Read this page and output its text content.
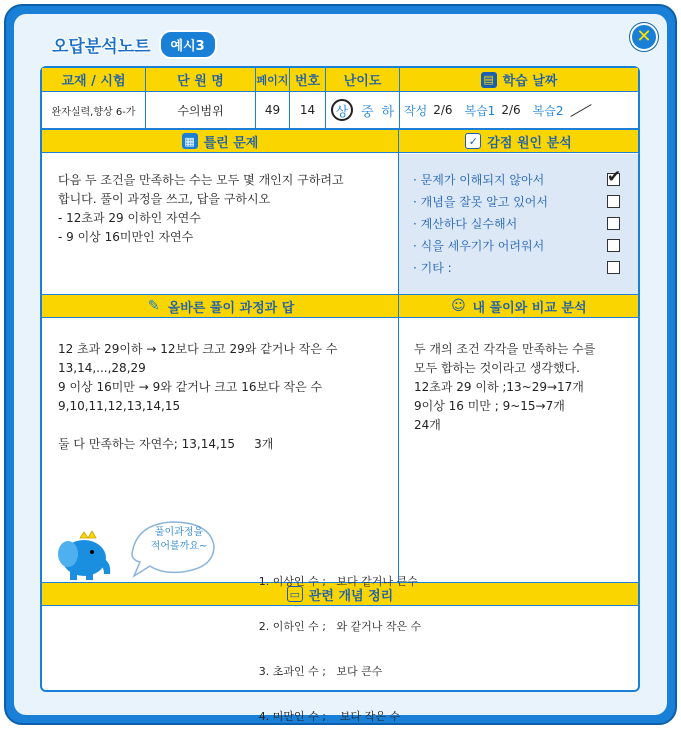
오답분석노트	예시3	✕
교재 / 시험	단 원 명	페이지 번호	난이도	▤ 학습 날짜
완자실력,향상 6-가	수의범위	49	14	상 중 하 작성 2/6 복습1 2/6 복습2
▦ 틀린 문제	✓ 감점 원인 분석
다음 두 조건을 만족하는 수는 모두 몇 개인지 구하려고
합니다. 풀이 과정을 쓰고, 답을 구하시오
- 12초과 29 이하인 자연수
- 9 이상 16미만인 자연수
· 문제가 이해되지 않아서
✔
· 개념을 잘못 알고 있어서
· 계산하다 실수해서
· 식을 세우기가 어려워서
· 기타 :
✎ 올바른 풀이 과정과 답	☺ 내 풀이와 비교 분석
12 초과 29이하 → 12보다 크고 29와 같거나 작은 수
13,14,...,28,29
9 이상 16미만 → 9와 같거나 크고 16보다 작은 수
9,10,11,12,13,14,15

둘 다 만족하는 자연수; 13,14,15     3개
두 개의 조건 각각을 만족하는 수를
모두 합하는 것이라고 생각했다.
12초과 29 이하 ;13~29→17개
9이상 16 미만 ; 9~15→7개
24개
풀이과정을
적어볼까요~
▭ 관련 개념 정리

1. 이상인 수 ;   보다 같거나 큰수

2. 이하인 수 ;   와 같거나 작은 수

3. 초과인 수 ;   보다 큰수

4. 미만인 수 ;    보다 작은 수
